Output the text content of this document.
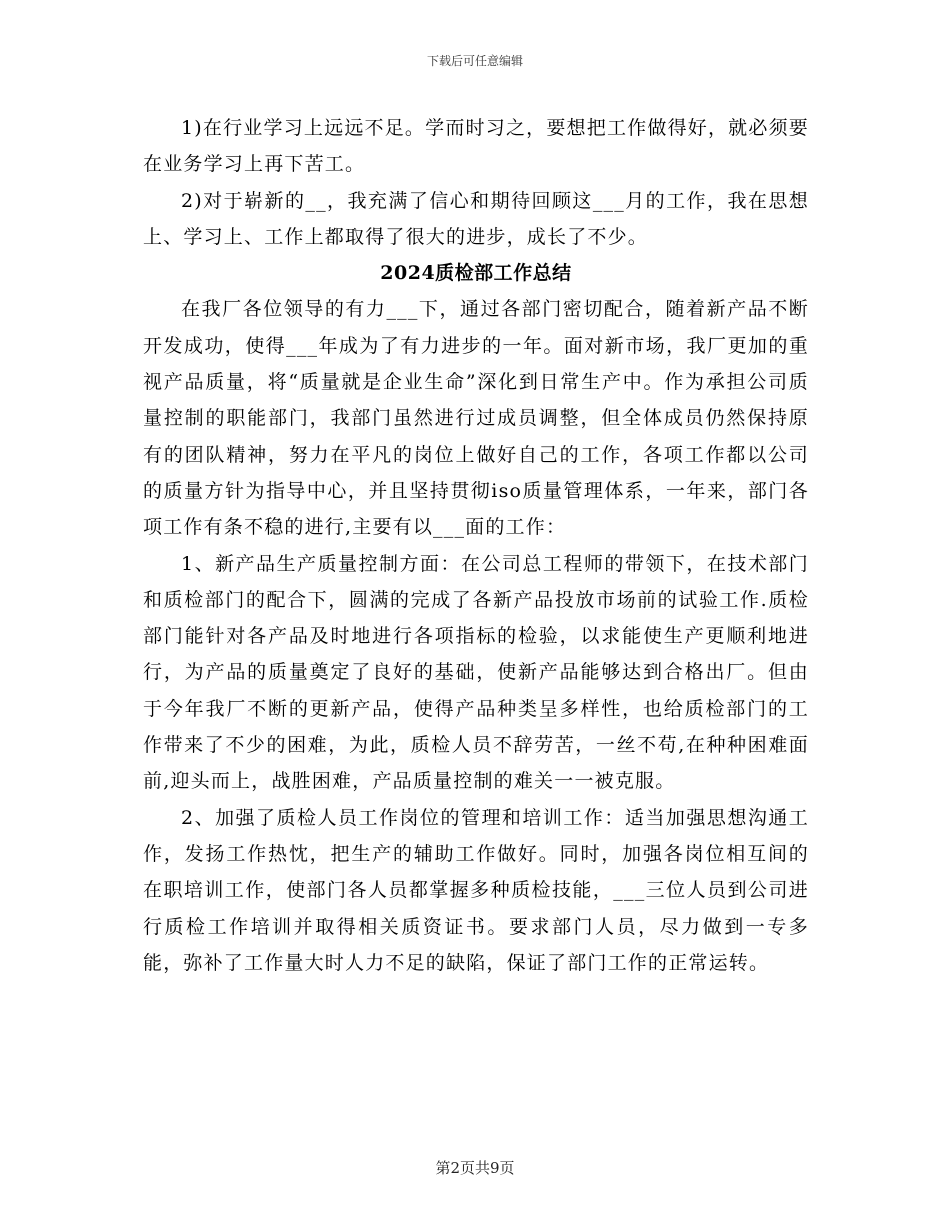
下载后可任意编辑

1)在行业学习上远远不足。学而时习之，要想把工作做得好，就必须要在业务学习上再下苦工。

2)对于崭新的__，我充满了信心和期待回顾这___月的工作，我在思想上、学习上、工作上都取得了很大的进步，成长了不少。

2024质检部工作总结

在我厂各位领导的有力___下，通过各部门密切配合，随着新产品不断开发成功，使得___年成为了有力进步的一年。面对新市场，我厂更加的重视产品质量，将“质量就是企业生命”深化到日常生产中。作为承担公司质量控制的职能部门，我部门虽然进行过成员调整，但全体成员仍然保持原有的团队精神，努力在平凡的岗位上做好自己的工作，各项工作都以公司的质量方针为指导中心，并且坚持贯彻iso质量管理体系，一年来，部门各项工作有条不稳的进行,主要有以___面的工作：

1、新产品生产质量控制方面：在公司总工程师的带领下，在技术部门和质检部门的配合下，圆满的完成了各新产品投放市场前的试验工作.质检部门能针对各产品及时地进行各项指标的检验，以求能使生产更顺利地进行，为产品的质量奠定了良好的基础，使新产品能够达到合格出厂。但由于今年我厂不断的更新产品，使得产品种类呈多样性，也给质检部门的工作带来了不少的困难，为此，质检人员不辞劳苦，一丝不苟,在种种困难面前,迎头而上，战胜困难，产品质量控制的难关一一被克服。

2、加强了质检人员工作岗位的管理和培训工作：适当加强思想沟通工作，发扬工作热忱，把生产的辅助工作做好。同时，加强各岗位相互间的在职培训工作，使部门各人员都掌握多种质检技能，___三位人员到公司进行质检工作培训并取得相关质资证书。要求部门人员，尽力做到一专多能，弥补了工作量大时人力不足的缺陷，保证了部门工作的正常运转。

第2页共9页
